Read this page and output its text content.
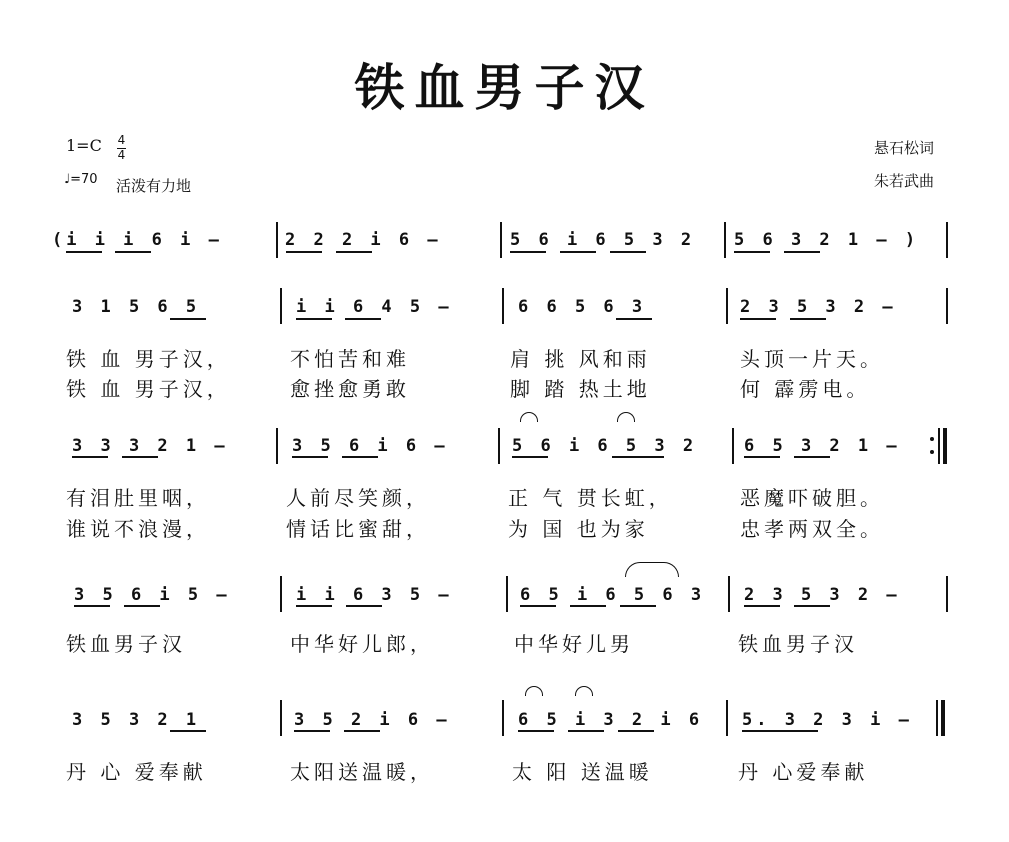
铁血男子汉
1=C 4
4
♩=70 活泼有力地
悬石松词
朱若武曲
(i i i 6 i –	2 2 2 i 6 –	5 6 i 6 5 3 2 5 6 3 2 1 – )
3 1 5 6 5	i i 6 4 5 –	6 6 5 6 3	2 3 5 3 2 –
铁 血 男子汉，	不怕苦和难	肩 挑 风和雨	头顶一片天。
铁 血 男子汉，	愈挫愈勇敢	脚 踏 热土地	何 霹雳电。
3 3 3 2 1 –	3 5 6 i 6 –	5 6 i 6 5 3 2	6 5 3 2 1 –
有泪肚里咽，	人前尽笑颜，	正 气 贯长虹，	恶魔吓破胆。
谁说不浪漫，	情话比蜜甜，	为 国 也为家	忠孝两双全。
3 5 6 i 5 –	i i 6 3 5 –	6 5 i 6 5 6 3 2 3 5 3 2 –
铁血男子汉	中华好儿郎，	中华好儿男	铁血男子汉
3 5 3 2 1	3 5 2 i 6 –	6 5 i 3 2 i 6 5. 3 2 3 i –
丹 心 爱奉献	太阳送温暖，	太 阳 送温暖	丹 心爱奉献
